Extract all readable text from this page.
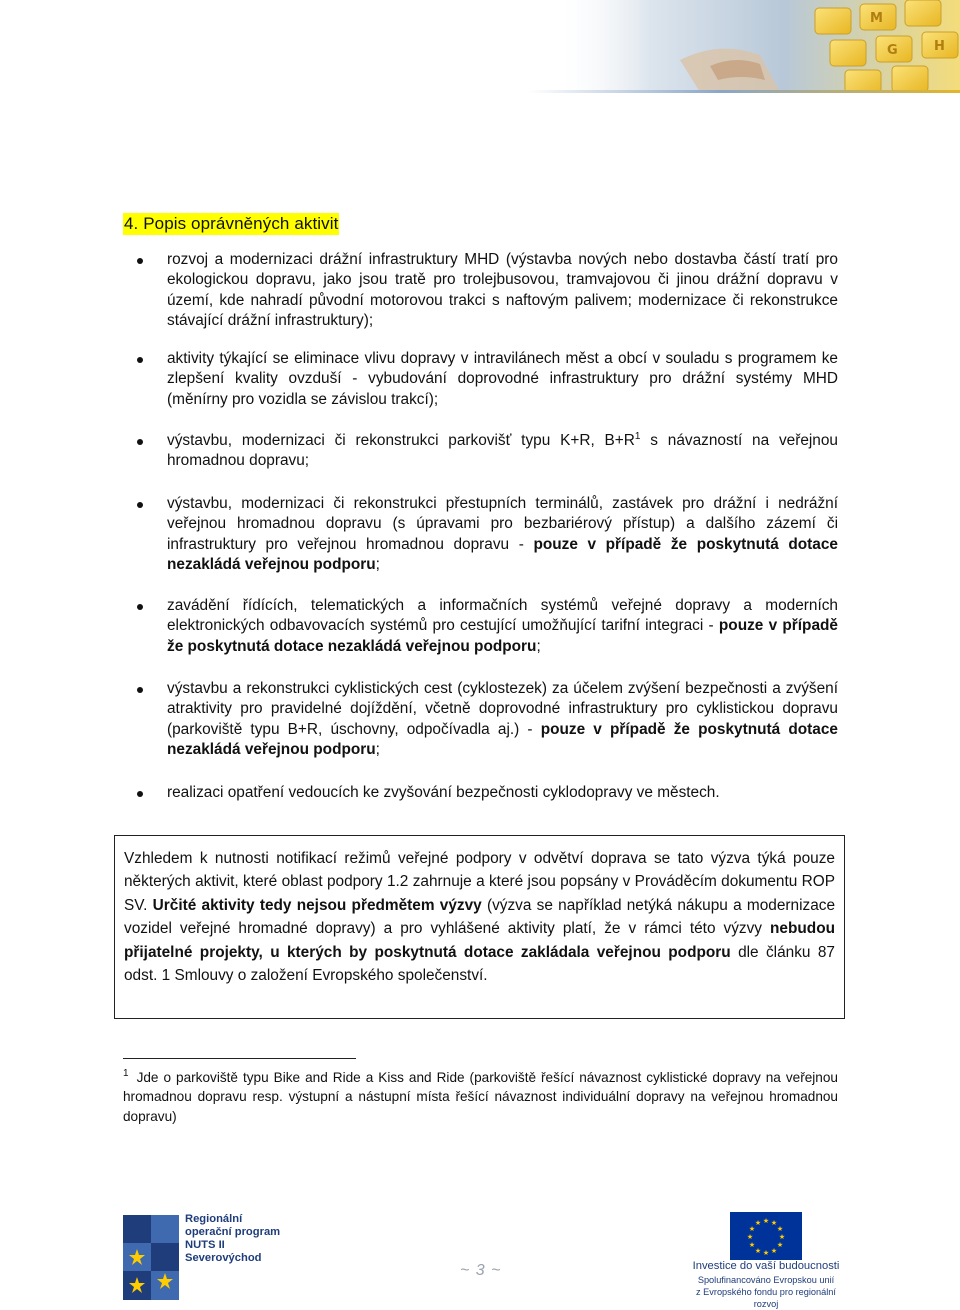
M
G	H
4. Popis oprávněných aktivit
rozvoj a modernizaci drážní infrastruktury MHD (výstavba nových nebo dostavba částí tratí pro ekologickou dopravu, jako jsou tratě pro trolejbusovou, tramvajovou či jinou drážní dopravu v území, kde nahradí původní motorovou trakci s naftovým palivem; modernizace či rekonstrukce stávající drážní infrastruktury);
aktivity týkající se eliminace vlivu dopravy v intravilánech měst a obcí v souladu s programem ke zlepšení kvality ovzduší - vybudování doprovodné infrastruktury pro drážní systémy MHD (měnírny pro vozidla se závislou trakcí);
výstavbu, modernizaci či rekonstrukci parkovišť typu K+R, $B+R^1$ s návazností na veřejnou hromadnou dopravu;
výstavbu, modernizaci či rekonstrukci přestupních terminálů, zastávek pro drážní i nedrážní veřejnou hromadnou dopravu (s úpravami pro bezbariérový přístup) a dalšího zázemí či infrastruktury pro veřejnou hromadnou dopravu - pouze v případě že poskytnutá dotace nezakládá veřejnou podporu;
zavádění řídících, telematických a informačních systémů veřejné dopravy a moderních elektronických odbavovacích systémů pro cestující umožňující tarifní integraci - pouze v případě že poskytnutá dotace nezakládá veřejnou podporu;
výstavbu a rekonstrukci cyklistických cest (cyklostezek) za účelem zvýšení bezpečnosti a zvýšení atraktivity pro pravidelné dojíždění, včetně doprovodné infrastruktury pro cyklistickou dopravu (parkoviště typu B+R, úschovny, odpočívadla aj.) - pouze v případě že poskytnutá dotace nezakládá veřejnou podporu;
realizaci opatření vedoucích ke zvyšování bezpečnosti cyklodopravy ve městech.
Vzhledem k nutnosti notifikací režimů veřejné podpory v odvětví doprava se tato výzva týká pouze některých aktivit, které oblast podpory 1.2 zahrnuje a které jsou popsány v Prováděcím dokumentu ROP SV. Určité aktivity tedy nejsou předmětem výzvy (výzva se například netýká nákupu a modernizace vozidel veřejné hromadné dopravy) a pro vyhlášené aktivity platí, že v rámci této výzvy nebudou přijatelné projekty, u kterých by poskytnutá dotace zakládala veřejnou podporu dle článku 87 odst. 1 Smlouvy o založení Evropského společenství.
$^1$ Jde o parkoviště typu Bike and Ride a Kiss and Ride (parkoviště řešící návaznost cyklistické dopravy na veřejnou hromadnou dopravu resp. výstupní a nástupní místa řešící návaznost individuální dopravy na veřejnou hromadnou dopravu)
Regionální
operační program
NUTS II Severovýchod
~ 3 ~
★ ★
★
★
★
★
★
★
★
★
★
★
Investice do vaší budoucnosti
Spolufinancováno Evropskou unií
z Evropského fondu pro regionální rozvoj
